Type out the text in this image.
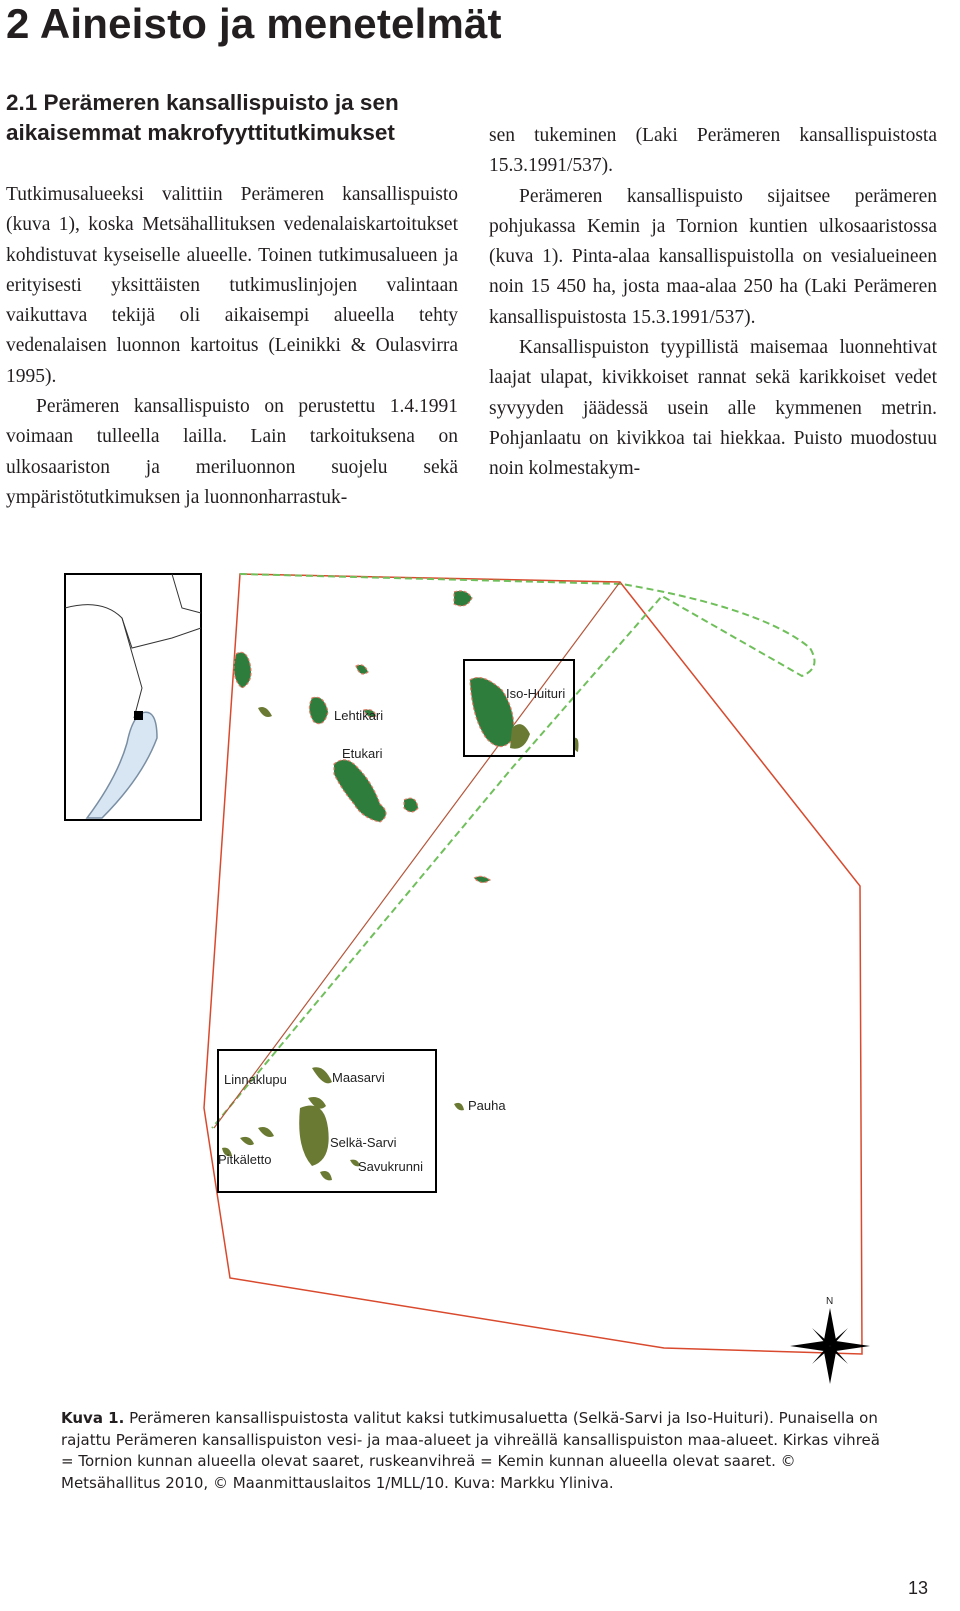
2 Aineisto ja menetelmät
2.1 Perämeren kansallispuisto ja sen aikaisemmat makrofyyttitutkimukset

Tutkimusalueeksi valittiin Perämeren kansallispuisto (kuva 1), koska Metsähallituksen vedenalaiskartoitukset kohdistuvat kyseiselle alueelle. Toinen tutkimusalueen ja erityisesti yksittäisten tutkimuslinjojen valintaan vaikuttava tekijä oli aikaisempi alueella tehty vedenalaisen luonnon kartoitus (Leinikki & Oulasvirra 1995).

Perämeren kansallispuisto on perustettu 1.4.1991 voimaan tulleella lailla. Lain tarkoituksena on ulkosaariston ja meriluonnon suojelu sekä ympäristötutkimuksen ja luonnonharrastuk-

sen tukeminen (Laki Perämeren kansallispuistosta 15.3.1991/537).

Perämeren kansallispuisto sijaitsee perämeren pohjukassa Kemin ja Tornion kuntien ulkosaaristossa (kuva 1). Pinta-alaa kansallispuistolla on vesialueineen noin 15 450 ha, josta maa-alaa 250 ha (Laki Perämeren kansallispuistosta 15.3.1991/537).

Kansallispuiston tyypillistä maisemaa luonnehtivat laajat ulapat, kivikkoiset rannat sekä karikkoiset vedet syvyyden jäädessä usein alle kymmenen metrin. Pohjanlaatu on kivikkoa tai hiekkaa. Puisto muodostuu noin kolmestakym-

Iso-Huituri
Lehtikari
Etukari
Linnaklupu	Maasarvi
Pauha
Selkä-Sarvi
Pitkäletto	Savukrunni
N

Kuva 1. Perämeren kansallispuistosta valitut kaksi tutkimusaluetta (Selkä-Sarvi ja Iso-Huituri). Punaisella on rajattu Perämeren kansallispuiston vesi- ja maa-alueet ja vihreällä kansallispuiston maa-alueet. Kirkas vihreä = Tornion kunnan alueella olevat saaret, ruskeanvihreä = Kemin kunnan alueella olevat saaret. © Metsähallitus 2010, © Maanmittauslaitos 1/MLL/10. Kuva: Markku Yliniva.

13
